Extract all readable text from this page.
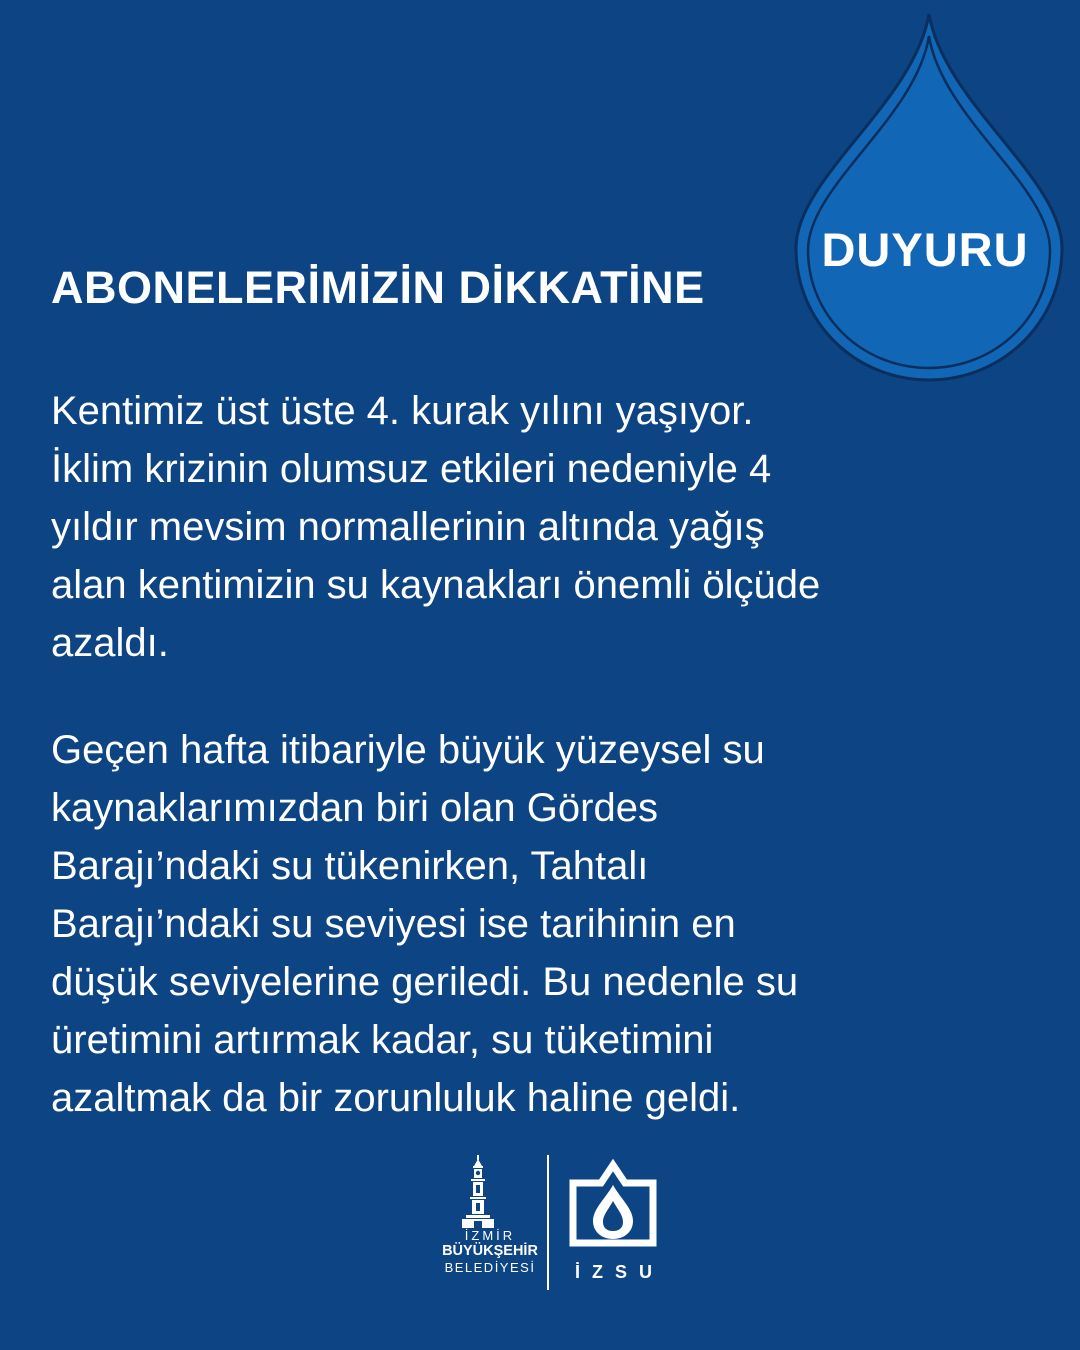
DUYURU
ABONELERİMİZİN DİKKATİNE

Kentimiz üst üste 4. kurak yılını yaşıyor.
İklim krizinin olumsuz etkileri nedeniyle 4
yıldır mevsim normallerinin altında yağış
alan kentimizin su kaynakları önemli ölçüde
azaldı.

Geçen hafta itibariyle büyük yüzeysel su
kaynaklarımızdan biri olan Gördes
Barajı’ndaki su tükenirken, Tahtalı
Barajı’ndaki su seviyesi ise tarihinin en
düşük seviyelerine geriledi. Bu nedenle su
üretimini artırmak kadar, su tüketimini
azaltmak da bir zorunluluk haline geldi.

İZMİR
BÜYÜKŞEHİR
BELEDİYESİ	İZSU
